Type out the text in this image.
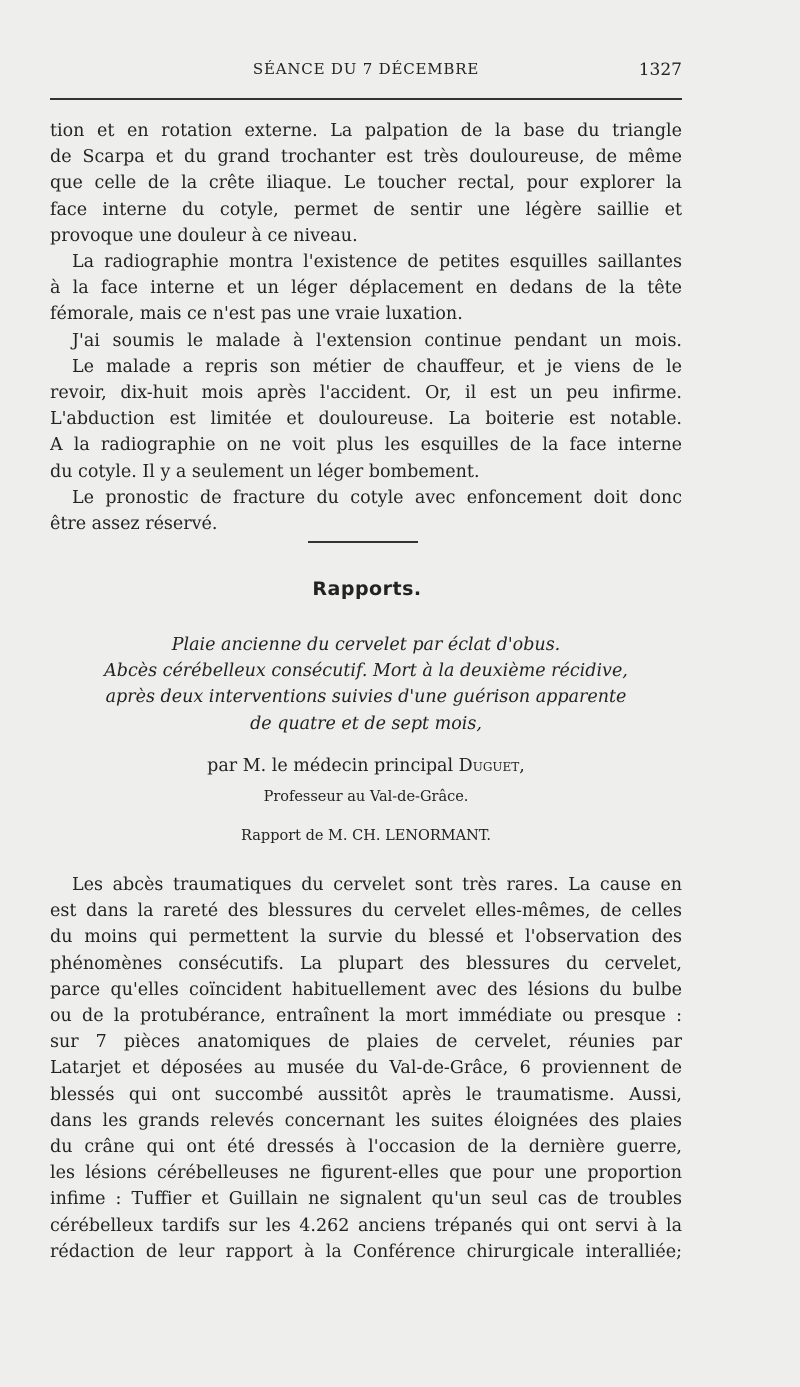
SÉANCE DU 7 DÉCEMBRE	1327
tion et en rotation externe. La palpation de la base du triangle
de Scarpa et du grand trochanter est très douloureuse, de même
que celle de la crête iliaque. Le toucher rectal, pour explorer la
face interne du cotyle, permet de sentir une légère saillie et
provoque une douleur à ce niveau.
La radiographie montra l'existence de petites esquilles saillantes
à la face interne et un léger déplacement en dedans de la tête
fémorale, mais ce n'est pas une vraie luxation.
J'ai soumis le malade à l'extension continue pendant un mois.
Le malade a repris son métier de chauffeur, et je viens de le
revoir, dix-huit mois après l'accident. Or, il est un peu infirme.
L'abduction est limitée et douloureuse. La boiterie est notable.
A la radiographie on ne voit plus les esquilles de la face interne
du cotyle. Il y a seulement un léger bombement.
Le pronostic de fracture du cotyle avec enfoncement doit donc
être assez réservé.
Rapports.
Plaie ancienne du cervelet par éclat d'obus.
Abcès cérébelleux consécutif. Mort à la deuxième récidive,
après deux interventions suivies d'une guérison apparente
de quatre et de sept mois,
par M. le médecin principal Duguet,
Professeur au Val-de-Grâce.
Rapport de M. CH. LENORMANT.
Les abcès traumatiques du cervelet sont très rares. La cause en
est dans la rareté des blessures du cervelet elles-mêmes, de celles
du moins qui permettent la survie du blessé et l'observation des
phénomènes consécutifs. La plupart des blessures du cervelet,
parce qu'elles coïncident habituellement avec des lésions du bulbe
ou de la protubérance, entraînent la mort immédiate ou presque :
sur 7 pièces anatomiques de plaies de cervelet, réunies par
Latarjet et déposées au musée du Val-de-Grâce, 6 proviennent de
blessés qui ont succombé aussitôt après le traumatisme. Aussi,
dans les grands relevés concernant les suites éloignées des plaies
du crâne qui ont été dressés à l'occasion de la dernière guerre,
les lésions cérébelleuses ne figurent-elles que pour une proportion
infime : Tuffier et Guillain ne signalent qu'un seul cas de troubles
cérébelleux tardifs sur les 4.262 anciens trépanés qui ont servi à la
rédaction de leur rapport à la Conférence chirurgicale interalliée;
